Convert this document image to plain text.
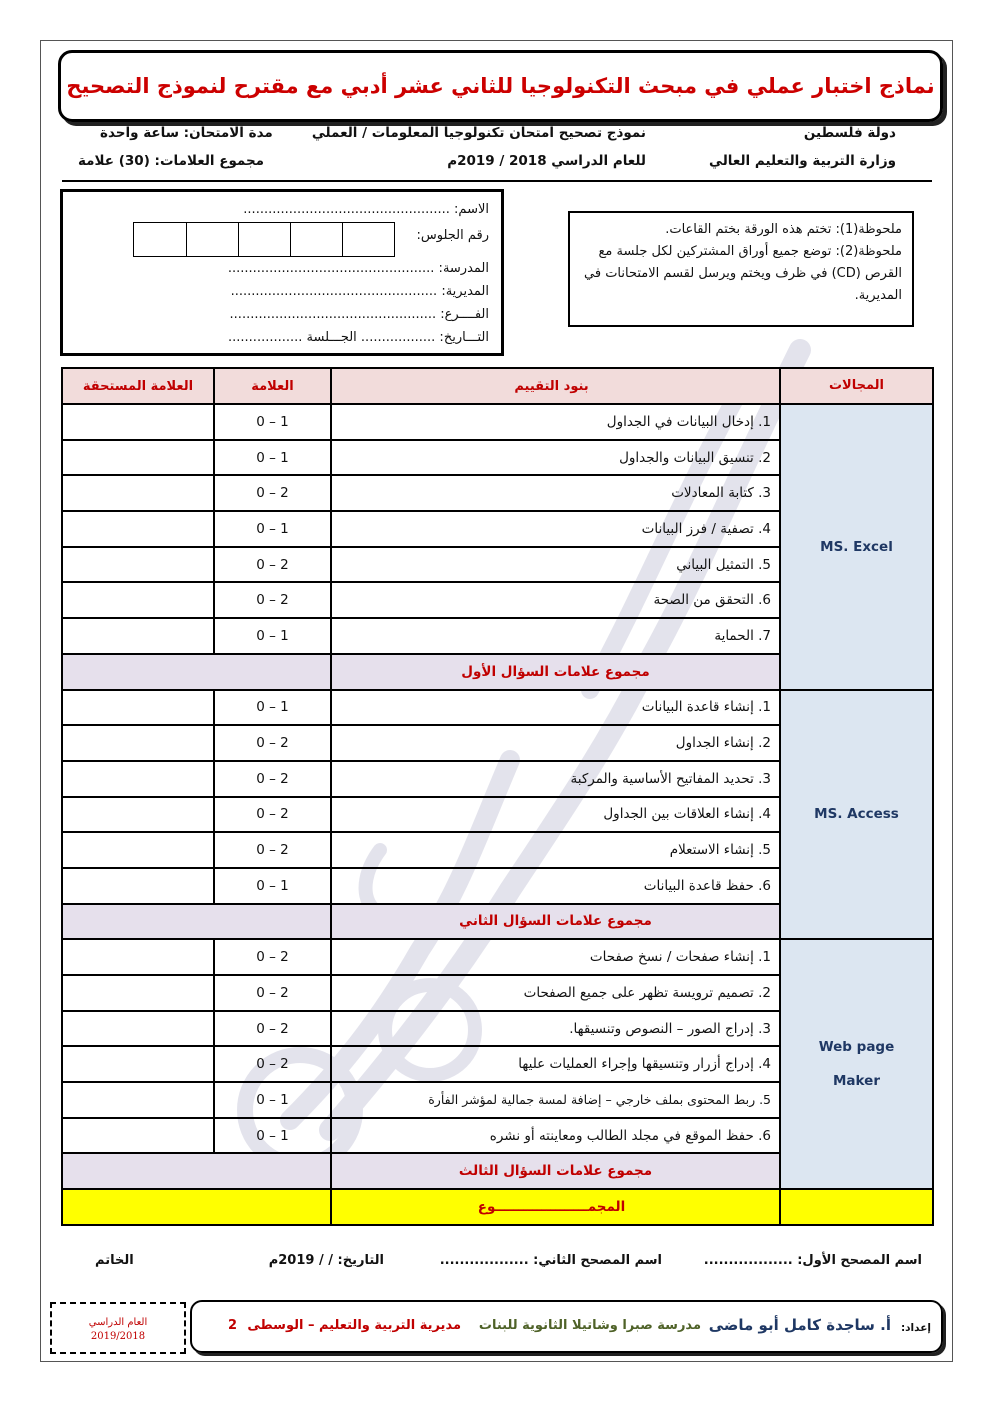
نماذج اختبار عملي في مبحث التكنولوجيا للثاني عشر أدبي مع مقترح لنموذج التصحيح
دولة فلسطين
وزارة التربية والتعليم العالي
نموذج تصحيح امتحان تكنولوجيا المعلومات / العملي
للعام الدراسي 2018 / 2019م
مدة الامتحان: ساعة واحدة
مجموع العلامات: (30) علامة
الاسم: ..................................................
رقم الجلوس:
المدرسة: ..................................................
المديرية: ..................................................
الفــــرع: ..................................................
التـــاريخ: .................. الجـــلسة ..................
ملحوظة(1): تختم هذه الورقة بختم القاعات.
ملحوظة(2): توضع جميع أوراق المشتركين لكل جلسة مع القرص (CD) في ظرف ويختم ويرسل لقسم الامتحانات في المديرية.
العلامة المستحقة	العلامة	بنود التقييم	المجالات
	0 – 1	1. إدخال البيانات في الجداول	MS. Excel
	0 – 1	2. تنسيق البيانات والجداول	
	0 – 2	3. كتابة المعادلات	
	0 – 1	4. تصفية / فرز البيانات	
	0 – 2	5. التمثيل البياني	
	0 – 2	6. التحقق من الصحة	
	0 – 1	7. الحماية	
		مجموع علامات السؤال الأول	
	0 – 1	1. إنشاء قاعدة البيانات	MS. Access
	0 – 2	2. إنشاء الجداول	
	0 – 2	3. تحديد المفاتيح الأساسية والمركبة	
	0 – 2	4. إنشاء العلاقات بين الجداول	
	0 – 2	5. إنشاء الاستعلام	
	0 – 1	6. حفظ قاعدة البيانات	
		مجموع علامات السؤال الثاني	
	0 – 2	1. إنشاء صفحات / نسخ صفحات	Web page Maker
	0 – 2	2. تصميم ترويسة تظهر على جميع الصفحات	
	0 – 2	3. إدراج الصور – النصوص وتنسيقها.	
	0 – 2	4. إدراج أزرار وتنسيقها وإجراء العمليات عليها	
	0 – 1	5. ربط المحتوى بملف خارجي – إضافة لمسة جمالية لمؤشر الفأرة	
	0 – 1	6. حفظ الموقع في مجلد الطالب ومعاينته أو نشره	
		مجموع علامات السؤال الثالث	
		المجمــــــــــــــــــــوع	
اسم المصحح الأول: ..................
اسم المصحح الثاني: ..................
التاريخ: / / 2019م
الخاتم
إعداد:
أ. ساجدة كامل أبو ماضى
مدرسة صبرا وشاتيلا الثانوية للبنات
مديرية التربية والتعليم – الوسطى
2
العام الدراسي
2019/2018
